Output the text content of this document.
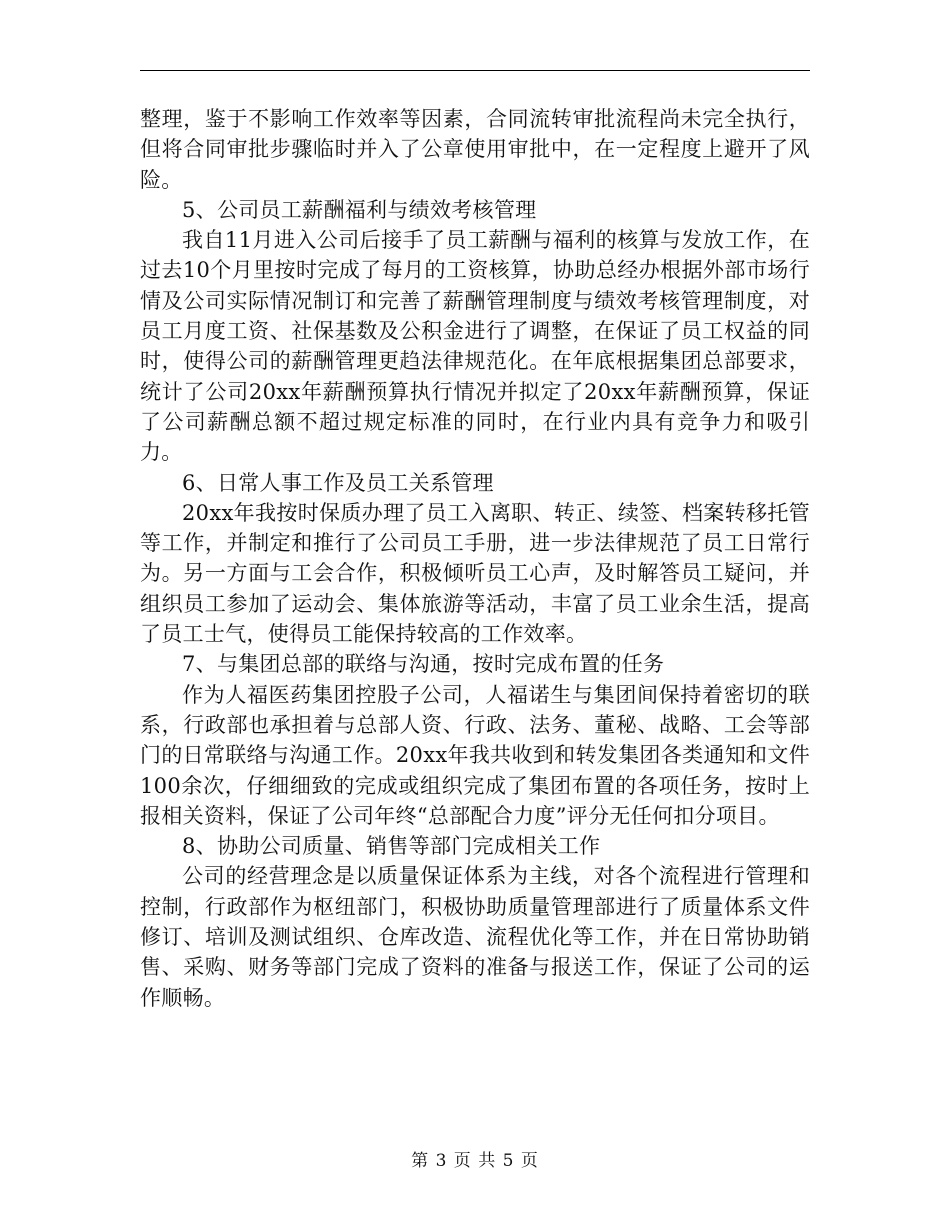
整理，鉴于不影响工作效率等因素，合同流转审批流程尚未完全执行，但将合同审批步骤临时并入了公章使用审批中，在一定程度上避开了风险。

5、公司员工薪酬福利与绩效考核管理

我自11月进入公司后接手了员工薪酬与福利的核算与发放工作，在过去10个月里按时完成了每月的工资核算，协助总经办根据外部市场行情及公司实际情况制订和完善了薪酬管理制度与绩效考核管理制度，对员工月度工资、社保基数及公积金进行了调整，在保证了员工权益的同时，使得公司的薪酬管理更趋法律规范化。在年底根据集团总部要求，统计了公司20xx年薪酬预算执行情况并拟定了20xx年薪酬预算，保证了公司薪酬总额不超过规定标准的同时，在行业内具有竞争力和吸引力。

6、日常人事工作及员工关系管理

20xx年我按时保质办理了员工入离职、转正、续签、档案转移托管等工作，并制定和推行了公司员工手册，进一步法律规范了员工日常行为。另一方面与工会合作，积极倾听员工心声，及时解答员工疑问，并组织员工参加了运动会、集体旅游等活动，丰富了员工业余生活，提高了员工士气，使得员工能保持较高的工作效率。

7、与集团总部的联络与沟通，按时完成布置的任务

作为人福医药集团控股子公司，人福诺生与集团间保持着密切的联系，行政部也承担着与总部人资、行政、法务、董秘、战略、工会等部门的日常联络与沟通工作。20xx年我共收到和转发集团各类通知和文件100余次，仔细细致的完成或组织完成了集团布置的各项任务，按时上报相关资料，保证了公司年终“总部配合力度”评分无任何扣分项目。

8、协助公司质量、销售等部门完成相关工作

公司的经营理念是以质量保证体系为主线，对各个流程进行管理和控制，行政部作为枢纽部门，积极协助质量管理部进行了质量体系文件修订、培训及测试组织、仓库改造、流程优化等工作，并在日常协助销售、采购、财务等部门完成了资料的准备与报送工作，保证了公司的运作顺畅。

第 3 页 共 5 页
